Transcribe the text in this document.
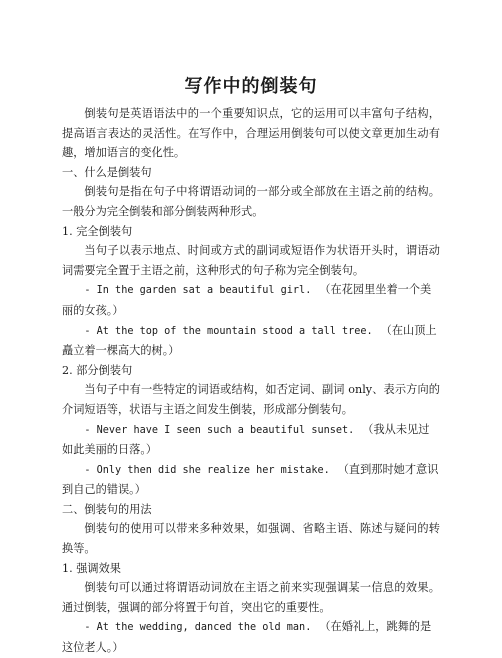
写作中的倒装句

倒装句是英语语法中的一个重要知识点，它的运用可以丰富句子结构，提高语言表达的灵活性。在写作中，合理运用倒装句可以使文章更加生动有趣，增加语言的变化性。

一、什么是倒装句

倒装句是指在句子中将谓语动词的一部分或全部放在主语之前的结构。一般分为完全倒装和部分倒装两种形式。

1. 完全倒装句

当句子以表示地点、时间或方式的副词或短语作为状语开头时，谓语动词需要完全置于主语之前，这种形式的句子称为完全倒装句。

- In the garden sat a beautiful girl. （在花园里坐着一个美丽的女孩。）

- At the top of the mountain stood a tall tree. （在山顶上矗立着一棵高大的树。）

2. 部分倒装句

当句子中有一些特定的词语或结构，如否定词、副词 only、表示方向的介词短语等，状语与主语之间发生倒装，形成部分倒装句。

- Never have I seen such a beautiful sunset. （我从未见过如此美丽的日落。）

- Only then did she realize her mistake. （直到那时她才意识到自己的错误。）

二、倒装句的用法

倒装句的使用可以带来多种效果，如强调、省略主语、陈述与疑问的转换等。

1. 强调效果

倒装句可以通过将谓语动词放在主语之前来实现强调某一信息的效果。通过倒装，强调的部分将置于句首，突出它的重要性。

- At the wedding, danced the old man. （在婚礼上，跳舞的是这位老人。）
